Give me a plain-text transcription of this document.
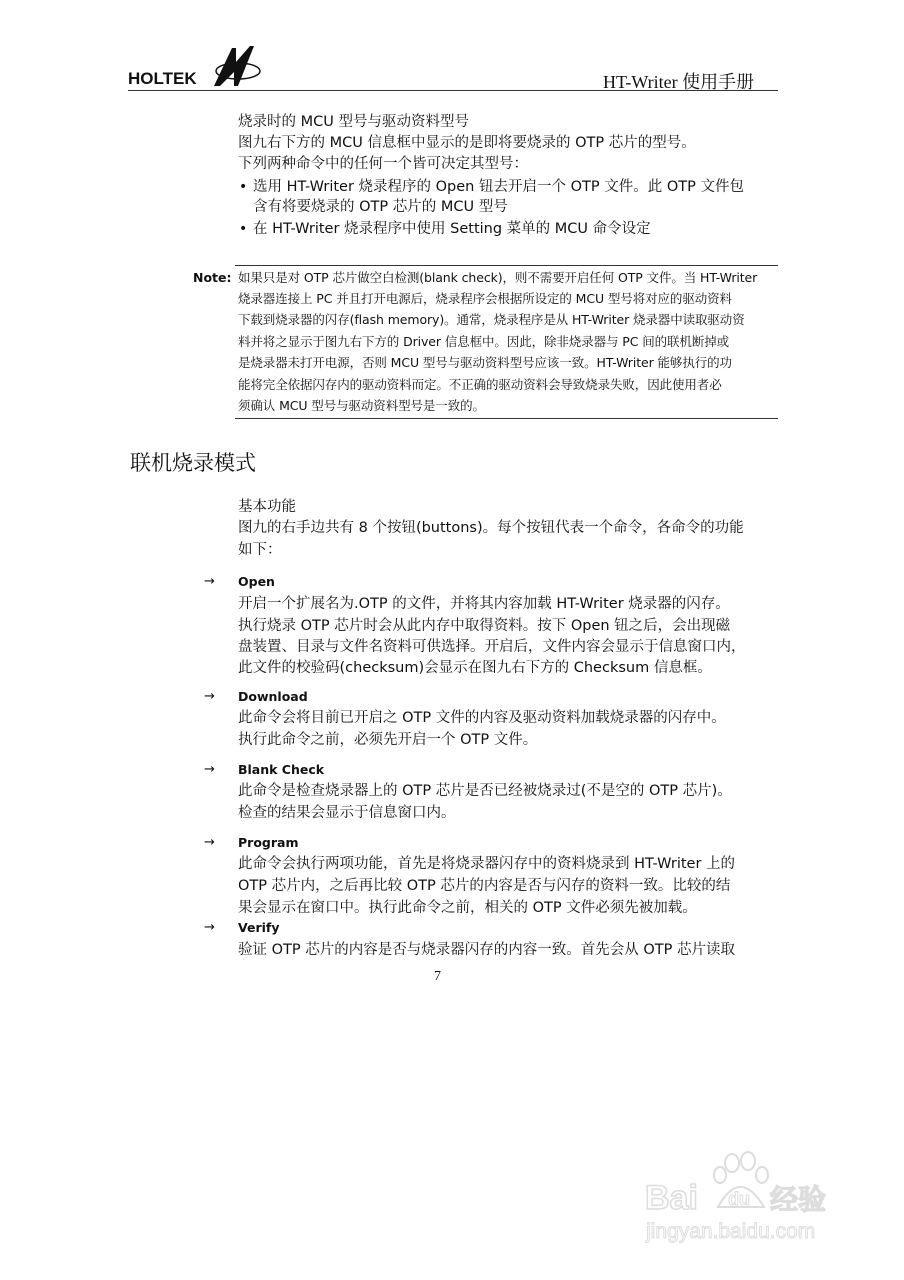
HOLTEK	HT-Writer 使用手册
烧录时的 MCU 型号与驱动资料型号
图九右下方的 MCU 信息框中显示的是即将要烧录的 OTP 芯片的型号。
下列两种命令中的任何一个皆可决定其型号：
• 选用 HT-Writer 烧录程序的 Open 钮去开启一个 OTP 文件。此 OTP 文件包
含有将要烧录的 OTP 芯片的 MCU 型号
• 在 HT-Writer 烧录程序中使用 Setting 菜单的 MCU 命令设定
Note: 如果只是对 OTP 芯片做空白检测(blank check)，则不需要开启任何 OTP 文件。当 HT-Writer
烧录器连接上 PC 并且打开电源后，烧录程序会根据所设定的 MCU 型号将对应的驱动资料
下载到烧录器的闪存(flash memory)。通常，烧录程序是从 HT-Writer 烧录器中读取驱动资
料并将之显示于图九右下方的 Driver 信息框中。因此，除非烧录器与 PC 间的联机断掉或
是烧录器未打开电源，否则 MCU 型号与驱动资料型号应该一致。HT-Writer 能够执行的功
能将完全依据闪存内的驱动资料而定。不正确的驱动资料会导致烧录失败，因此使用者必
须确认 MCU 型号与驱动资料型号是一致的。
联机烧录模式
基本功能
图九的右手边共有 8 个按钮(buttons)。每个按钮代表一个命令，各命令的功能
如下：
→ Open
开启一个扩展名为.OTP 的文件，并将其内容加载 HT-Writer 烧录器的闪存。
执行烧录 OTP 芯片时会从此内存中取得资料。按下 Open 钮之后，会出现磁
盘装置、目录与文件名资料可供选择。开启后，文件内容会显示于信息窗口内，
此文件的校验码(checksum)会显示在图九右下方的 Checksum 信息框。
→ Download
此命令会将目前已开启之 OTP 文件的内容及驱动资料加载烧录器的闪存中。
执行此命令之前，必须先开启一个 OTP 文件。
→ Blank Check
此命令是检查烧录器上的 OTP 芯片是否已经被烧录过(不是空的 OTP 芯片)。
检查的结果会显示于信息窗口内。
→ Program
此命令会执行两项功能，首先是将烧录器闪存中的资料烧录到 HT-Writer 上的
OTP 芯片内，之后再比较 OTP 芯片的内容是否与闪存的资料一致。比较的结
果会显示在窗口中。执行此命令之前，相关的 OTP 文件必须先被加载。
→ Verify
验证 OTP 芯片的内容是否与烧录器闪存的内容一致。首先会从 OTP 芯片读取
7
Bai du 经验
jingyan.baidu.com
